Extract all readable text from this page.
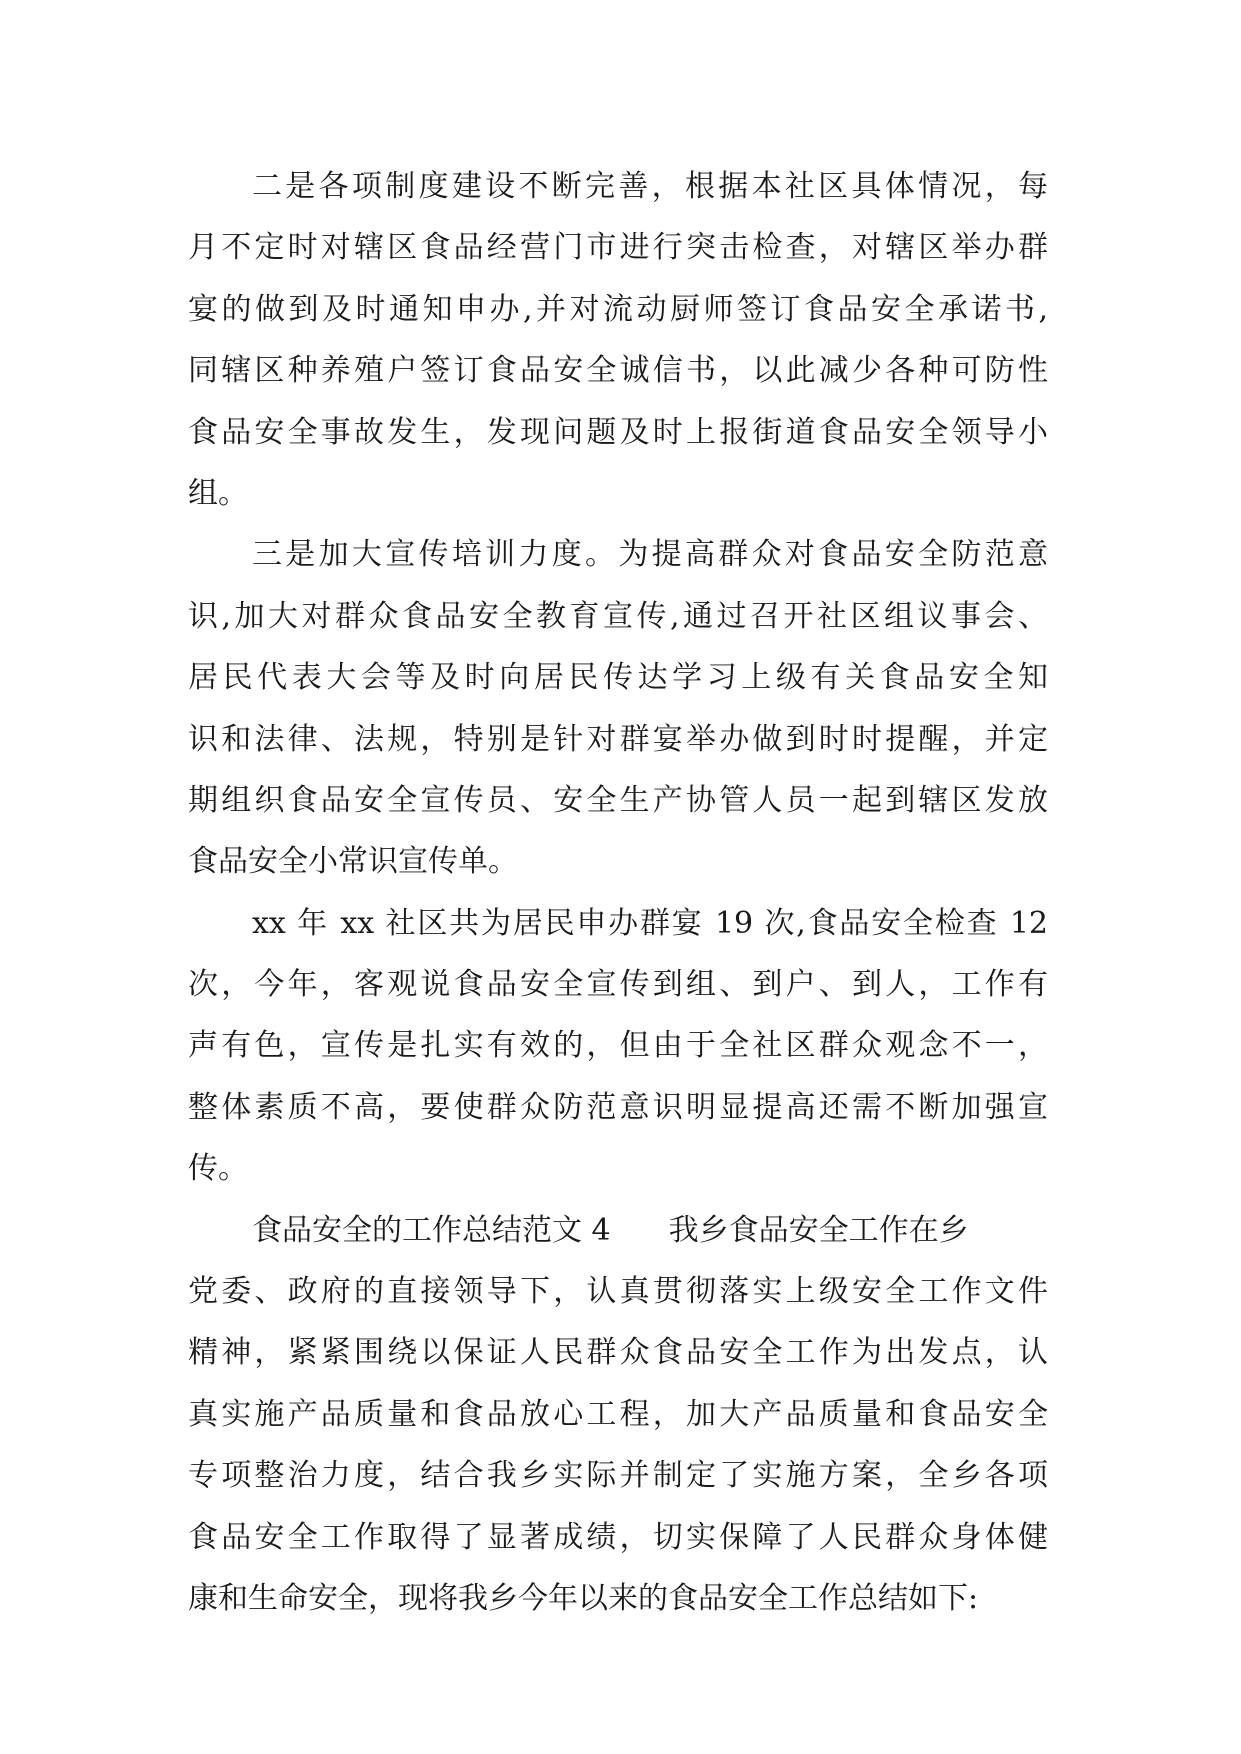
二是各项制度建设不断完善，根据本社区具体情况，每
月不定时对辖区食品经营门市进行突击检查，对辖区举办群
宴的做到及时通知申办,并对流动厨师签订食品安全承诺书,
同辖区种养殖户签订食品安全诚信书，以此减少各种可防性
食品安全事故发生，发现问题及时上报街道食品安全领导小
组。
三是加大宣传培训力度。为提高群众对食品安全防范意
识,加大对群众食品安全教育宣传,通过召开社区组议事会、
居民代表大会等及时向居民传达学习上级有关食品安全知
识和法律、法规，特别是针对群宴举办做到时时提醒，并定
期组织食品安全宣传员、安全生产协管人员一起到辖区发放
食品安全小常识宣传单。
xx 年 xx 社区共为居民申办群宴 19 次,食品安全检查 12
次，今年，客观说食品安全宣传到组、到户、到人，工作有
声有色，宣传是扎实有效的，但由于全社区群众观念不一，
整体素质不高，要使群众防范意识明显提高还需不断加强宣
传。
食品安全的工作总结范文 4 我乡食品安全工作在乡
党委、政府的直接领导下，认真贯彻落实上级安全工作文件
精神，紧紧围绕以保证人民群众食品安全工作为出发点，认
真实施产品质量和食品放心工程，加大产品质量和食品安全
专项整治力度，结合我乡实际并制定了实施方案，全乡各项
食品安全工作取得了显著成绩，切实保障了人民群众身体健
康和生命安全，现将我乡今年以来的食品安全工作总结如下:
